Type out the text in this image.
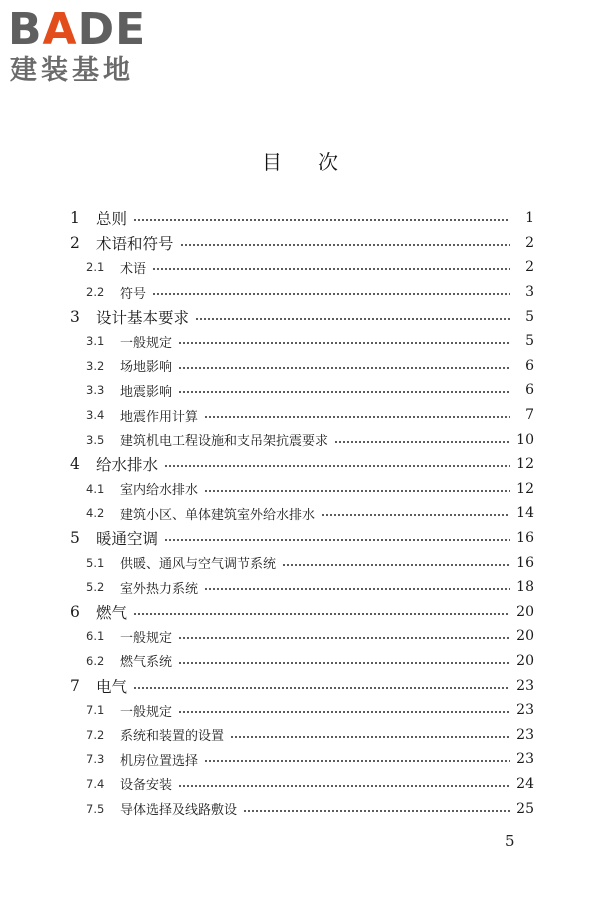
BADE
建装基地
目次
1	总则	1
2	术语和符号	2
2.1	术语	2
2.2	符号	3
3	设计基本要求	5
3.1	一般规定	5
3.2	场地影响	6
3.3	地震影响	6
3.4	地震作用计算	7
3.5	建筑机电工程设施和支吊架抗震要求	10
4	给水排水	12
4.1	室内给水排水	12
4.2	建筑小区、单体建筑室外给水排水	14
5	暖通空调	16
5.1	供暖、通风与空气调节系统	16
5.2	室外热力系统	18
6	燃气	20
6.1	一般规定	20
6.2	燃气系统	20
7	电气	23
7.1	一般规定	23
7.2	系统和装置的设置	23
7.3	机房位置选择	23
7.4	设备安装	24
7.5	导体选择及线路敷设	25
5
